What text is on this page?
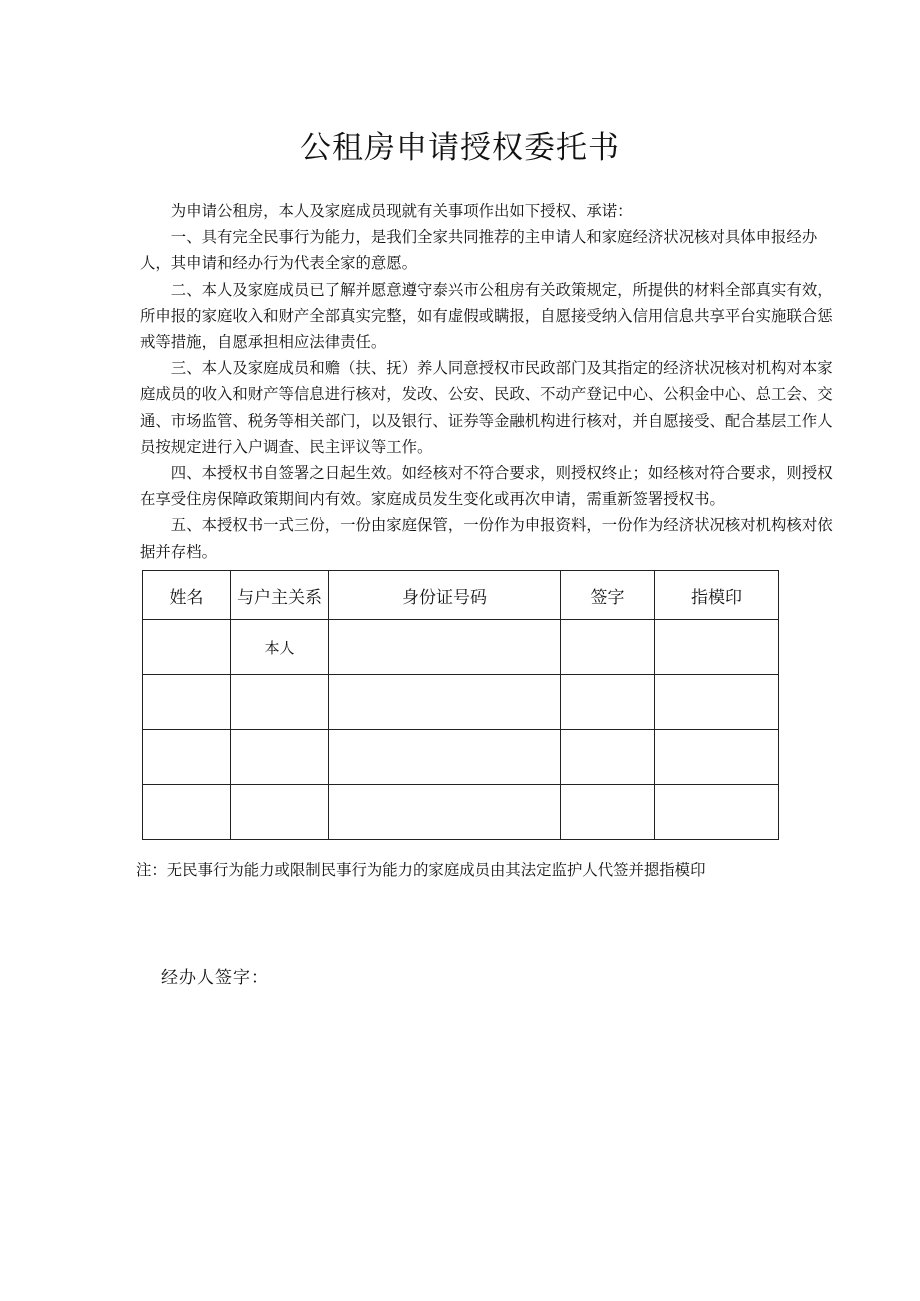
公租房申请授权委托书

为申请公租房，本人及家庭成员现就有关事项作出如下授权、承诺：

一、具有完全民事行为能力，是我们全家共同推荐的主申请人和家庭经济状况核对具体申报经办人，其申请和经办行为代表全家的意愿。

二、本人及家庭成员已了解并愿意遵守泰兴市公租房有关政策规定，所提供的材料全部真实有效，所申报的家庭收入和财产全部真实完整，如有虚假或瞒报，自愿接受纳入信用信息共享平台实施联合惩戒等措施，自愿承担相应法律责任。

三、本人及家庭成员和赡（扶、抚）养人同意授权市民政部门及其指定的经济状况核对机构对本家庭成员的收入和财产等信息进行核对，发改、公安、民政、不动产登记中心、公积金中心、总工会、交通、市场监管、税务等相关部门，以及银行、证券等金融机构进行核对，并自愿接受、配合基层工作人员按规定进行入户调查、民主评议等工作。

四、本授权书自签署之日起生效。如经核对不符合要求，则授权终止；如经核对符合要求，则授权在享受住房保障政策期间内有效。家庭成员发生变化或再次申请，需重新签署授权书。

五、本授权书一式三份，一份由家庭保管，一份作为申报资料，一份作为经济状况核对机构核对依据并存档。

姓名	与户主关系	身份证号码	签字	指模印
	本人			

注：无民事行为能力或限制民事行为能力的家庭成员由其法定监护人代签并摁指模印
经办人签字：
